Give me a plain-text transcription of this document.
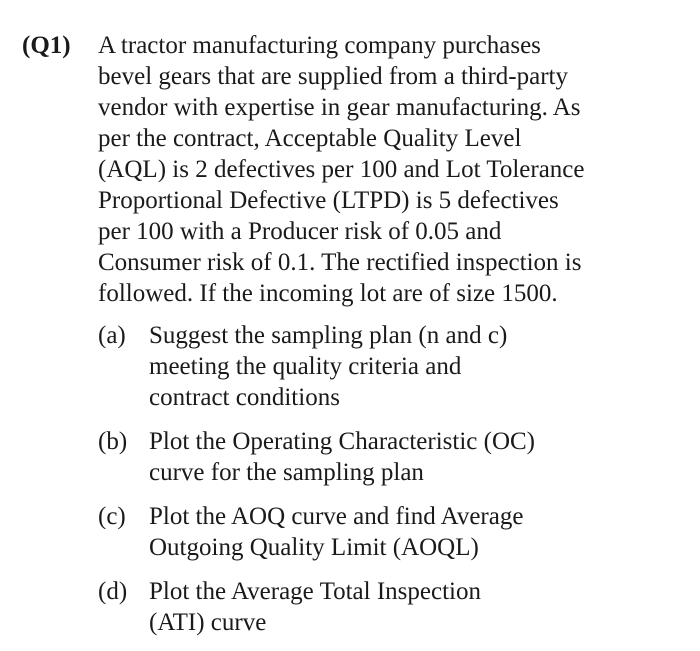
(Q1) A tractor manufacturing company purchases
bevel gears that are supplied from a third-party
vendor with expertise in gear manufacturing. As
per the contract, Acceptable Quality Level
(AQL) is 2 defectives per 100 and Lot Tolerance
Proportional Defective (LTPD) is 5 defectives
per 100 with a Producer risk of 0.05 and
Consumer risk of 0.1. The rectified inspection is
followed. If the incoming lot are of size 1500.
(a) Suggest the sampling plan (n and c)
meeting the quality criteria and
contract conditions
(b) Plot the Operating Characteristic (OC)
curve for the sampling plan
(c) Plot the AOQ curve and find Average
Outgoing Quality Limit (AOQL)
(d) Plot the Average Total Inspection
(ATI) curve
